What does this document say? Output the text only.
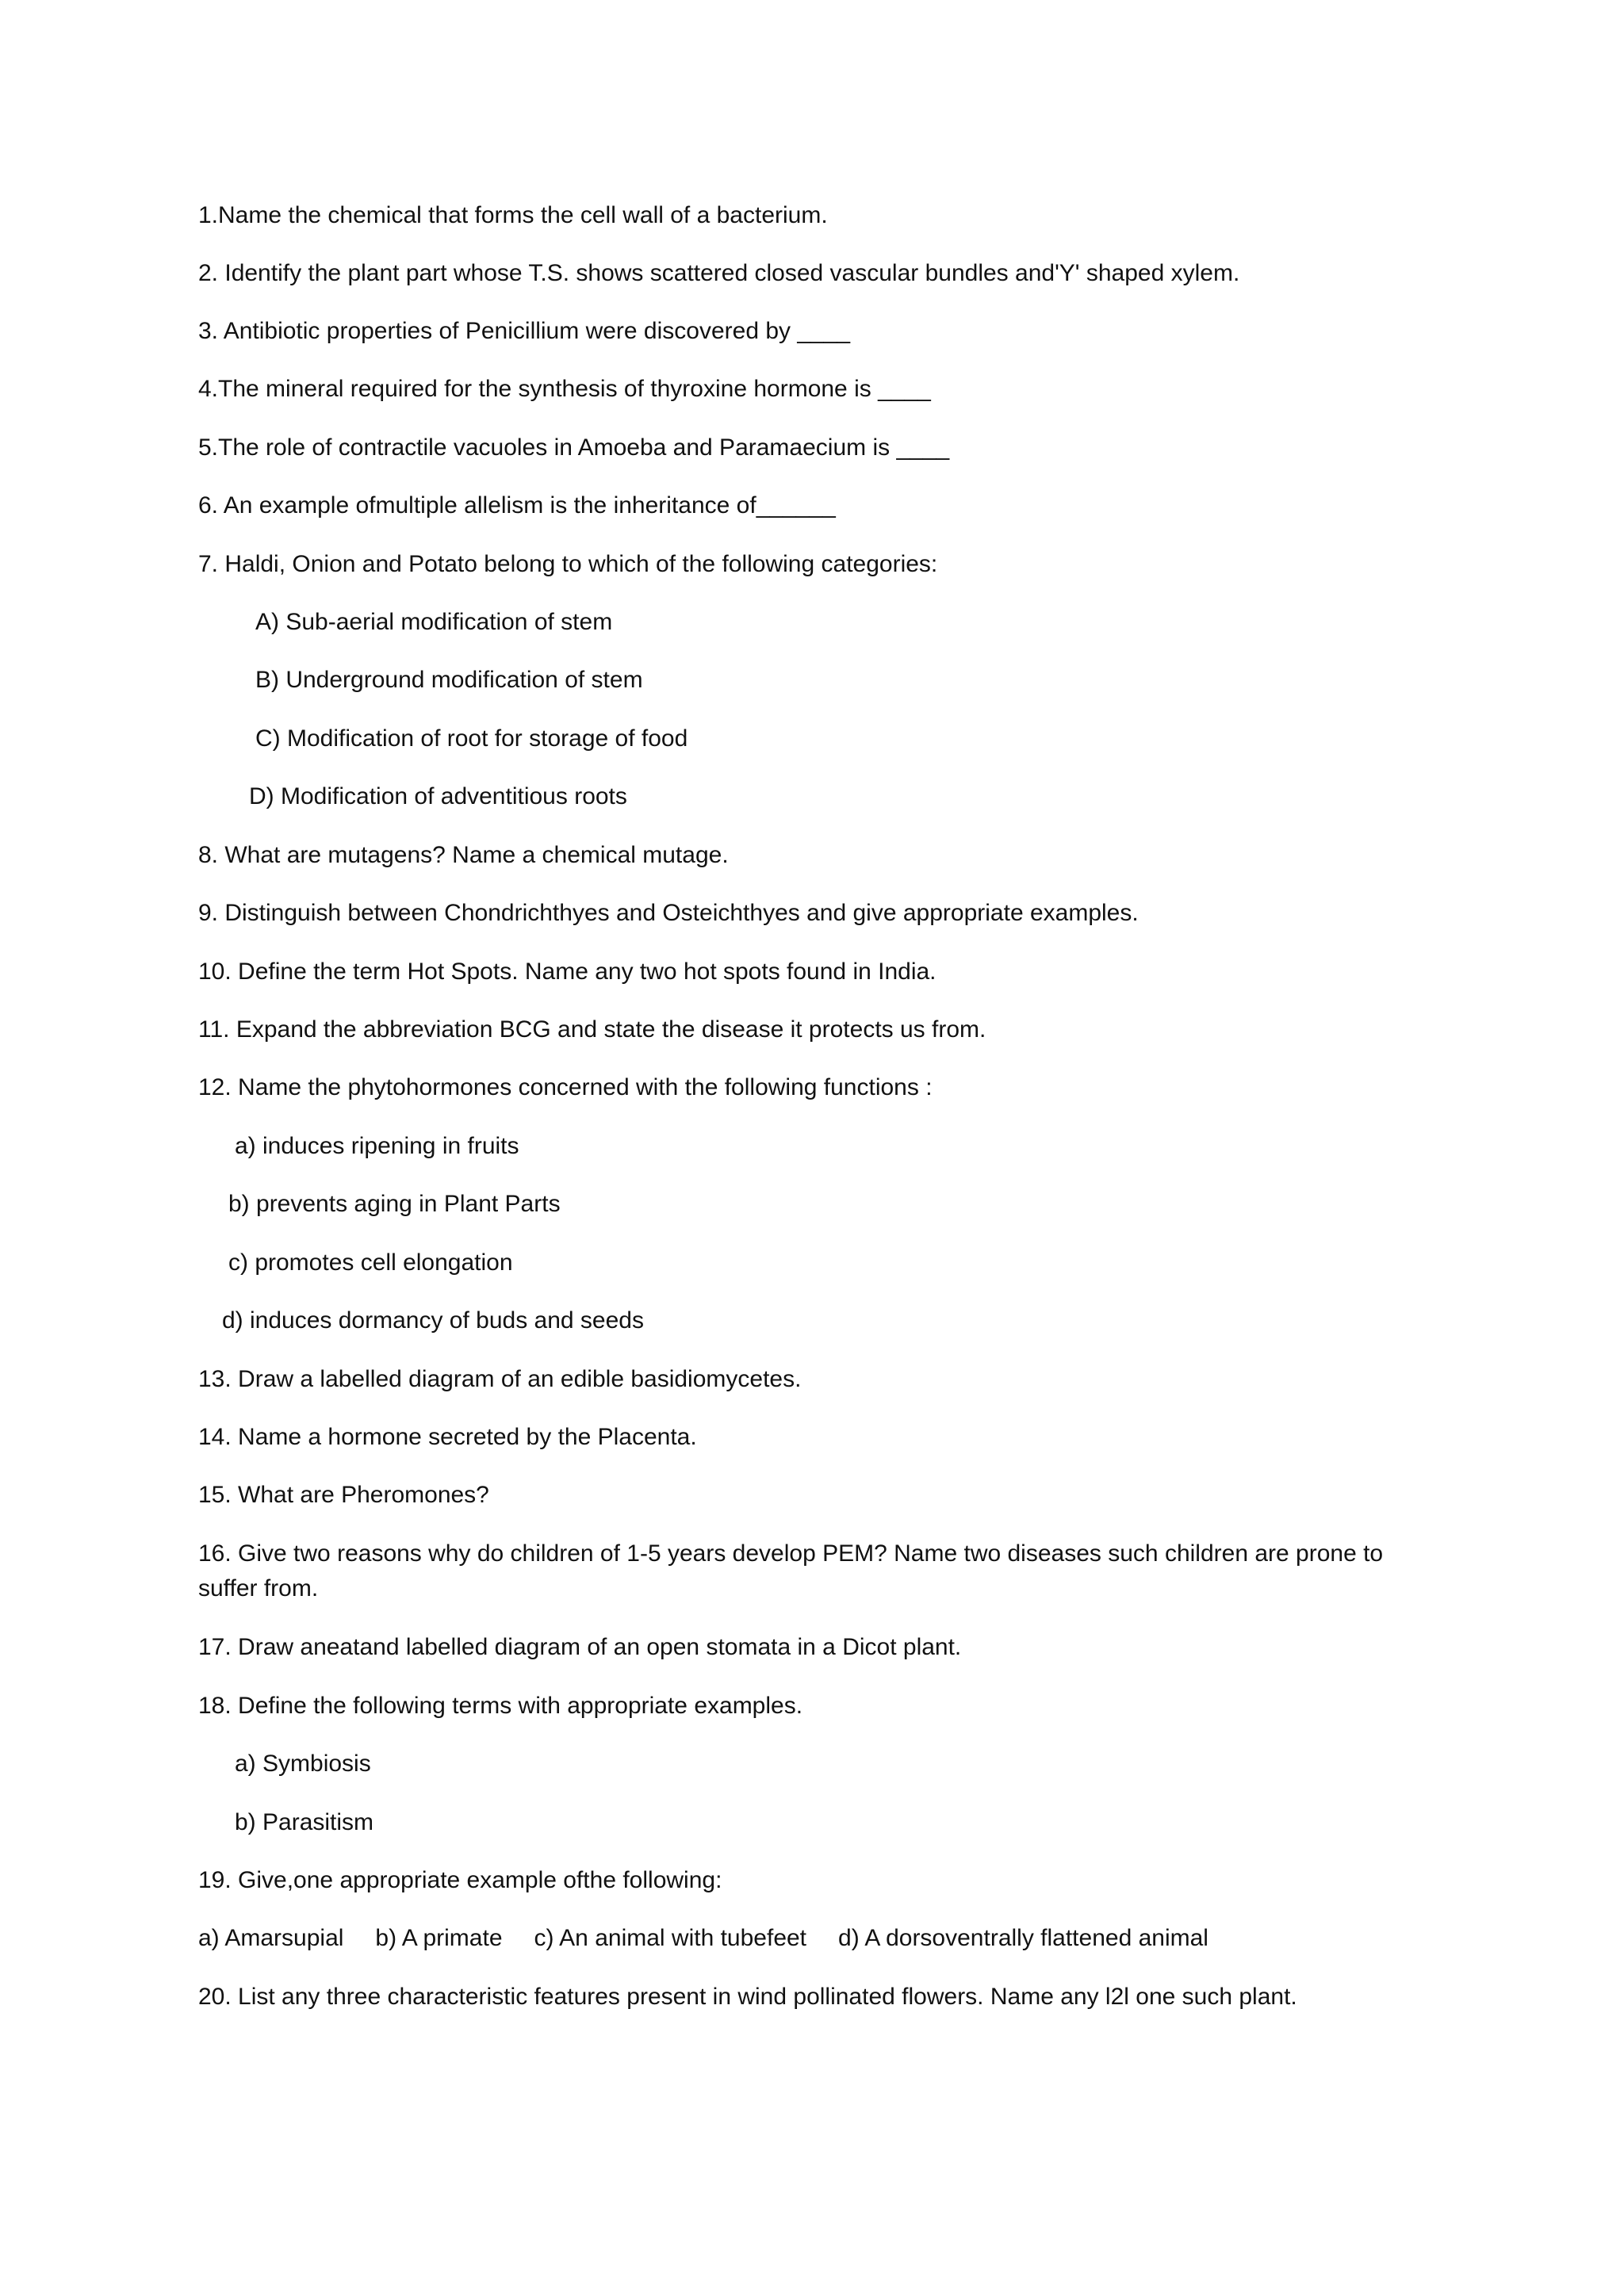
1.Name the chemical that forms the cell wall of a bacterium.
2. Identify the plant part whose T.S. shows scattered closed vascular bundles and'Y' shaped xylem.
3. Antibiotic properties of Penicillium were discovered by ____
4.The mineral required for the synthesis of thyroxine hormone is ____
5.The role of contractile vacuoles in Amoeba and Paramaecium is ____
6. An example ofmultiple allelism is the inheritance of______
7. Haldi, Onion and Potato belong to which of the following categories:
A) Sub-aerial modification of stem
B) Underground modification of stem
C) Modification of root for storage of food
D) Modification of adventitious roots
8. What are mutagens? Name a chemical mutage.
9. Distinguish between Chondrichthyes and Osteichthyes and give appropriate examples.
10. Define the term Hot Spots. Name any two hot spots found in India.
11. Expand the abbreviation BCG and state the disease it protects us from.
12. Name the phytohormones concerned with the following functions :
a) induces ripening in fruits
b) prevents aging in Plant Parts
c) promotes cell elongation
d) induces dormancy of buds and seeds
13. Draw a labelled diagram of an edible basidiomycetes.
14. Name a hormone secreted by the Placenta.
15. What are Pheromones?
16. Give two reasons why do children of 1-5 years develop PEM? Name two diseases such children are prone to suffer from.
17. Draw aneatand labelled diagram of an open stomata in a Dicot plant.
18. Define the following terms with appropriate examples.
a) Symbiosis
b) Parasitism
19. Give,one appropriate example ofthe following:
a) Amarsupial b) A primate c) An animal with tubefeet d) A dorsoventrally flattened animal
20. List any three characteristic features present in wind pollinated flowers. Name any l2l one such plant.
